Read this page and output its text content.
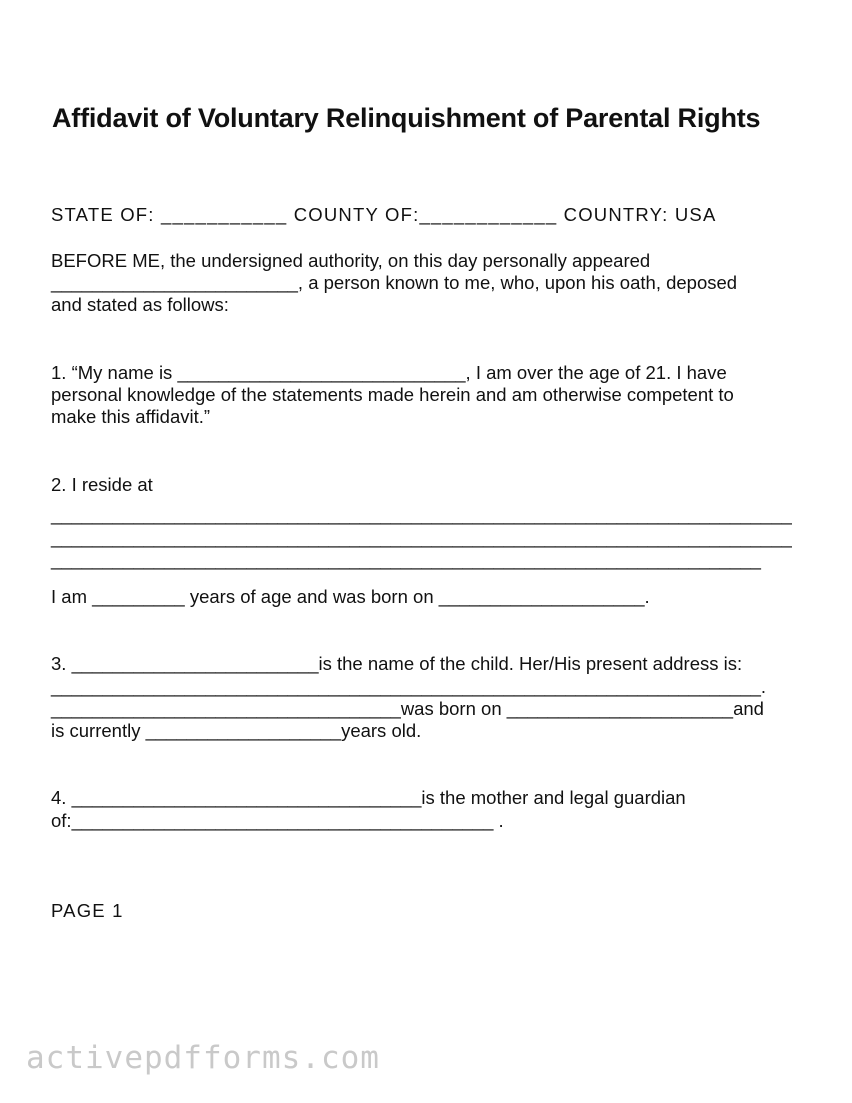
Affidavit of Voluntary Relinquishment of Parental Rights

STATE OF: ___________ COUNTY OF:____________ COUNTRY: USA

BEFORE ME, the undersigned authority, on this day personally appeared

________________________, a person known to me, who, upon his oath, deposed

and stated as follows:

1. “My name is ____________________________, I am over the age of 21. I have

personal knowledge of the statements made herein and am otherwise competent to

make this affidavit.”

2. I reside at

________________________________________________________________________

________________________________________________________________________

_____________________________________________________________________

I am _________ years of age and was born on ____________________.

3. ________________________is the name of the child. Her/His present address is:

_____________________________________________________________________.

__________________________________was born on ______________________and

is currently ___________________years old.

4. __________________________________is the mother and legal guardian

of:_________________________________________ .

PAGE 1

activepdfforms.com
